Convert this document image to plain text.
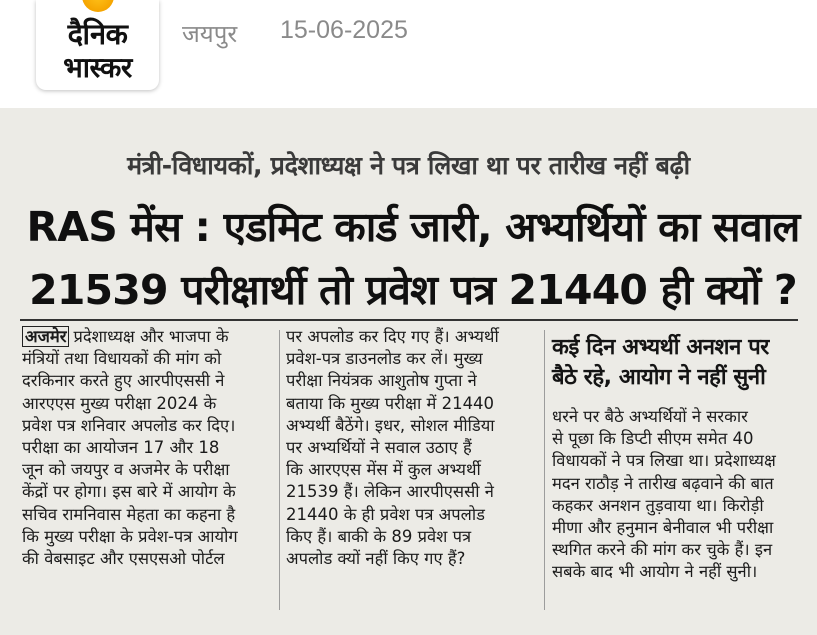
दैनिक
भास्कर
जयपुर 15-06-2025
मंत्री-विधायकों, प्रदेशाध्यक्ष ने पत्र लिखा था पर तारीख नहीं बढ़ी
RAS मेंस : एडमिट कार्ड जारी, अभ्यर्थियों का सवाल
21539 परीक्षार्थी तो प्रवेश पत्र 21440 ही क्यों ?
अजमेर प्रदेशाध्यक्ष और भाजपा के
मंत्रियों तथा विधायकों की मांग को
दरकिनार करते हुए आरपीएससी ने
आरएएस मुख्य परीक्षा 2024 के
प्रवेश पत्र शनिवार अपलोड कर दिए।
परीक्षा का आयोजन 17 और 18
जून को जयपुर व अजमेर के परीक्षा
केंद्रों पर होगा। इस बारे में आयोग के
सचिव रामनिवास मेहता का कहना है
कि मुख्य परीक्षा के प्रवेश-पत्र आयोग
की वेबसाइट और एसएसओ पोर्टल
पर अपलोड कर दिए गए हैं। अभ्यर्थी
प्रवेश-पत्र डाउनलोड कर लें। मुख्य
परीक्षा नियंत्रक आशुतोष गुप्ता ने
बताया कि मुख्य परीक्षा में 21440
अभ्यर्थी बैठेंगे। इधर, सोशल मीडिया
पर अभ्यर्थियों ने सवाल उठाए हैं
कि आरएएस मेंस में कुल अभ्यर्थी
21539 हैं। लेकिन आरपीएससी ने
21440 के ही प्रवेश पत्र अपलोड
किए हैं। बाकी के 89 प्रवेश पत्र
अपलोड क्यों नहीं किए गए हैं?
कई दिन अभ्यर्थी अनशन पर
बैठे रहे, आयोग ने नहीं सुनी
धरने पर बैठे अभ्यर्थियों ने सरकार
से पूछा कि डिप्टी सीएम समेत 40
विधायकों ने पत्र लिखा था। प्रदेशाध्यक्ष
मदन राठौड़ ने तारीख बढ़वाने की बात
कहकर अनशन तुड़वाया था। किरोड़ी
मीणा और हनुमान बेनीवाल भी परीक्षा
स्थगित करने की मांग कर चुके हैं। इन
सबके बाद भी आयोग ने नहीं सुनी।
